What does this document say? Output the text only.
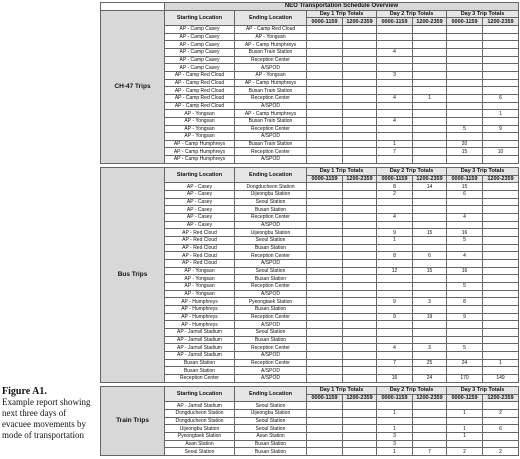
Figure A1.
Example report showing next three days of evacuee movements by mode of transportation
	NEO Transportation Schedule Overview							
CH-47 Trips	Starting Location	Ending Location	Day 1 Trip Totals		Day 2 Trip Totals		Day 3 Trip Totals	
			0000-1159	1200-2359	0000-1159	1200-2359	0000-1159	1200-2359
	AP - Camp Casey	AP - Camp Red Cloud						
	AP - Camp Casey	AP - Yongsan						
	AP - Camp Casey	AP - Camp Humphreys						
	AP - Camp Casey	Busan Train Station			4			
	AP - Camp Casey	Reception Center						
	AP - Camp Casey	A/SPOD						
	AP - Camp Red Cloud	AP - Yongsan			3			
	AP - Camp Red Cloud	AP - Camp Humphreys						
	AP - Camp Red Cloud	Busan Train Station						
	AP - Camp Red Cloud	Reception Center			4	1		6
	AP - Camp Red Cloud	A/SPOD						
	AP - Yongsan	AP - Camp Humphreys						1
	AP - Yongsan	Busan Train Station			4			
	AP - Yongsan	Reception Center					5	9
	AP - Yongsan	A/SPOD						
	AP - Camp Humphreys	Busan Train Station			1		20	
	AP - Camp Humphreys	Reception Center			7		15	10
	AP - Camp Humphreys	A/SPOD						

Bus Trips	Starting Location	Ending Location	Day 1 Trip Totals		Day 2 Trip Totals		Day 3 Trip Totals	
			0000-1159	1200-2359	0000-1159	1200-2359	0000-1159	1200-2359
	AP - Casey	Dongducheon Station			8	14	15	
	AP - Casey	Uijeongbu Station			2		6	
	AP - Casey	Seoul Station						
	AP - Casey	Busan Station						
	AP - Casey	Reception Center			4		4	
	AP - Casey	A/SPOD						
	AP - Red Cloud	Uijeongbu Station			9	15	16	
	AP - Red Cloud	Seoul Station			1		5	
	AP - Red Cloud	Busan Station						
	AP - Red Cloud	Reception Center			8	6	4	
	AP - Red Cloud	A/SPOD						
	AP - Yongsan	Seoul Station			12	15	16	
	AP - Yongsan	Busan Station						
	AP - Yongsan	Reception Center					5	
	AP - Yongsan	A/SPOD						
	AP - Humphreys	Pyeongtaek Station			9	3	8	
	AP - Humphreys	Busan Station						
	AP - Humphreys	Reception Center			9	19	9	
	AP - Humphreys	A/SPOD						
	AP - Jamsil Stadium	Seoul Station						
	AP - Jamsil Stadium	Busan Station						
	AP - Jamsil Stadium	Reception Center			4	3	5	
	AP - Jamsil Stadium	A/SPOD						
	Busan Station	Reception Center			7	25	24	1
	Busan Station	A/SPOD						
	Reception Center	A/SPOD			16	24	170	149

Train Trips	Starting Location	Ending Location	Day 1 Trip Totals		Day 2 Trip Totals		Day 3 Trip Totals	
			0000-1159	1200-2359	0000-1159	1200-2359	0000-1159	1200-2359
	AP - Jamsil Stadium	Seoul Station						
	Dongducheon Station	Uijeongbu Station			1		1	2
	Dongducheon Station	Seoul Station						
	Uijeongbu Station	Seoul Station			1		1	6
	Pyeongtaek Station	Asan Station			3		1	
	Asan Station	Busan Station			3			
	Seoul Station	Busan Station			1	7	2	2
